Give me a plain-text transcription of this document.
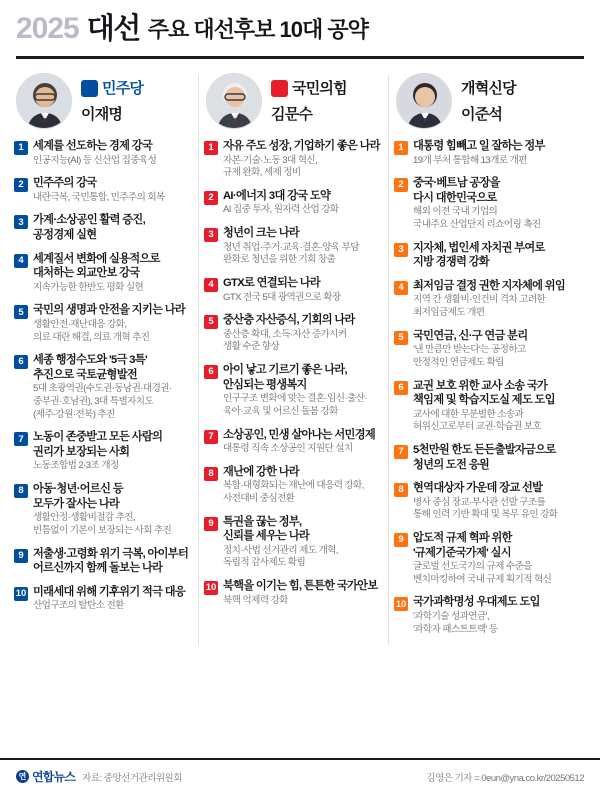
2025 대선 주요 대선후보 10대 공약
민주당
이재명
1 세계를 선도하는 경제 강국
인공지능(AI) 등 신산업 집중육성
2 민주주의 강국
내란극복, 국민통합, 민주주의 회복
3 가계·소상공인 활력 증진,
공정경제 실현
4 세계질서 변화에 실용적으로
대처하는 외교안보 강국
지속가능한 한반도 평화 실현
5 국민의 생명과 안전을 지키는 나라
생활안전·재난대응 강화,
의료 대란 해결, 의료 개혁 추진
6 세종 행정수도와 '5극 3특'
추진으로 국토균형발전
5대 초광역권(수도권·동남권·대경권·
중부권·호남권), 3대 특별자치도
(제주·강원·전북) 추진
7 노동이 존중받고 모든 사람의
권리가 보장되는 사회
노동조합법 2·3조 개정
8 아동·청년·어르신 등
모두가 잘사는 나라
생활안정·생활비절감 추진,
빈틈없이 기본이 보장되는 사회 추진
9 저출생·고령화 위기 극복, 아이부터
어르신까지 함께 돌보는 나라
10 미래세대 위해 기후위기 적극 대응
산업구조의 탈탄소 전환
국민의힘
김문수
1 자유 주도 성장, 기업하기 좋은 나라
자본·기술·노동 3대 혁신,
규제 완화, 세제 정비
2 AI·에너지 3대 강국 도약
AI 집중 투자, 원자력 산업 강화
3 청년이 크는 나라
청년 취업·주거·교육·결혼·양육 부담
완화로 청년을 위한 기회 창출
4 GTX로 연결되는 나라
GTX 전국 5대 광역권으로 확장
5 중산층 자산증식, 기회의 나라
중산층 확대, 소득·자산 증가시켜
생활 수준 향상
6 아이 낳고 기르기 좋은 나라,
안심되는 평생복지
인구구조 변화에 맞는 결혼·임신·출산·
육아·교육 및 어르신 돌봄 강화
7 소상공인, 민생 살아나는 서민경제
대통령 직속 소상공인 지원단 설치
8 재난에 강한 나라
복합·대형화되는 재난에 대응력 강화,
사전대비 중심전환
9 특권을 끊는 정부,
신뢰를 세우는 나라
정치·사법 선거관리 제도 개혁,
독립적 감사제도 확립
10 북핵을 이기는 힘, 튼튼한 국가안보
북핵 억제력 강화
개혁신당
이준석
1 대통령 힘빼고 일 잘하는 정부
19개 부처 통합해 13개로 개편
2 중국·베트남 공장을
다시 대한민국으로
해외 이전 국내 기업의
국내주요 산업단지 리쇼어링 촉진
3 지자체, 법인세 자치권 부여로
지방 경쟁력 강화
4 최저임금 결정 권한 지자체에 위임
지역 간 생활비·인건비 격차 고려한
최저임금제도 개편
5 국민연금, 신·구 연금 분리
'낸 만큼만 받는다'는 공정하고
안정적인 연금제도 확립
6 교권 보호 위한 교사 소송 국가
책임제 및 학습지도실 제도 도입
교사에 대한 무분별한 소송과
허위신고로부터 교권·학습권 보호
7 5천만원 한도 든든출발자금으로
청년의 도전 응원
8 현역대상자 가운데 장교 선발
병사 중심 장교·부사관 선발 구조를
통해 인력 기반 확대 및 복무 유인 강화
9 압도적 규제 혁파 위한
'규제기준국가제' 실시
글로벌 선도국가의 규제 수준을
벤치마킹하여 국내 규제 획기적 혁신
10 국가과학명성 우대제도 도입
'과학기술 성과연금',
'과학자 패스트트랙' 등
연 연합뉴스 자료: 중앙선거관리위원회	김영은 기자 = 0eun@yna.co.kr/20250512
